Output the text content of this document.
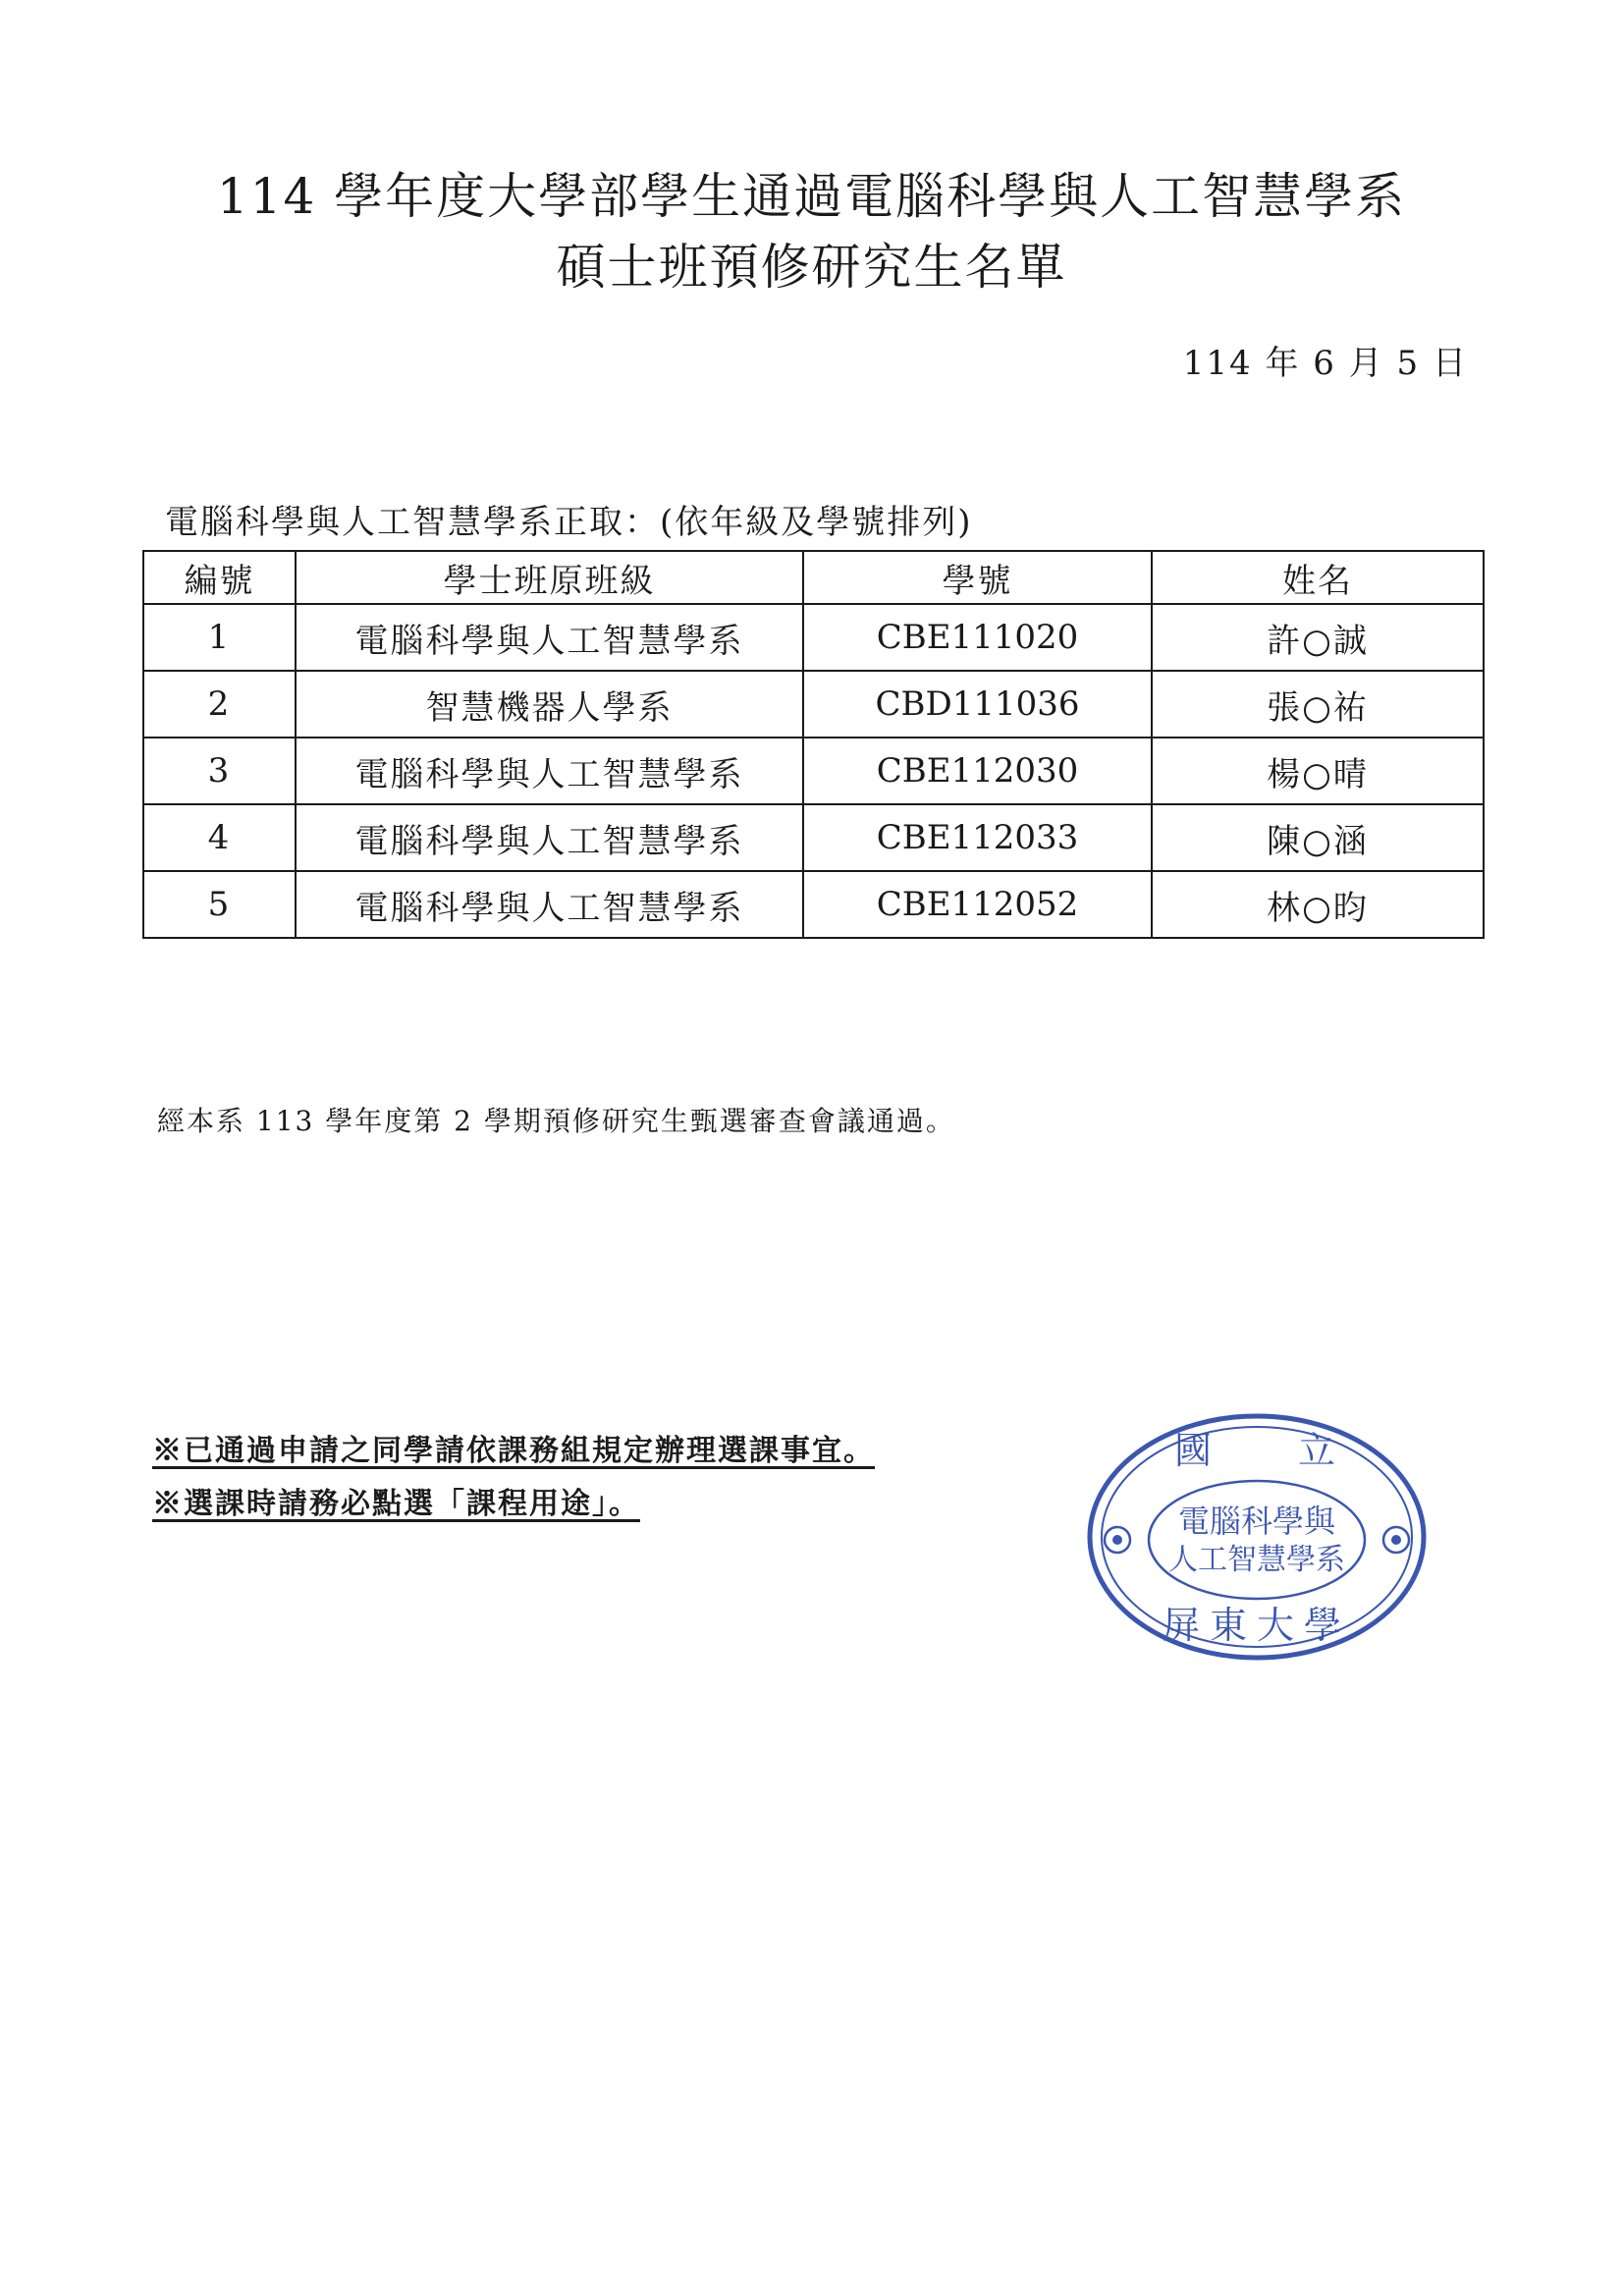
114 學年度大學部學生通過電腦科學與人工智慧學系
碩士班預修研究生名單
114 年 6 月 5 日
電腦科學與人工智慧學系正取：(依年級及學號排列)
編號	學士班原班級	學號	姓名
1	電腦科學與人工智慧學系	CBE111020	許○誠
2	智慧機器人學系	CBD111036	張○祐
3	電腦科學與人工智慧學系	CBE112030	楊○晴
4	電腦科學與人工智慧學系	CBE112033	陳○涵
5	電腦科學與人工智慧學系	CBE112052	林○昀
經本系 113 學年度第 2 學期預修研究生甄選審查會議通過。
※已通過申請之同學請依課務組規定辦理選課事宜。
※選課時請務必點選「課程用途」。
國　　立
電腦科學與
人工智慧學系
屏東大學
